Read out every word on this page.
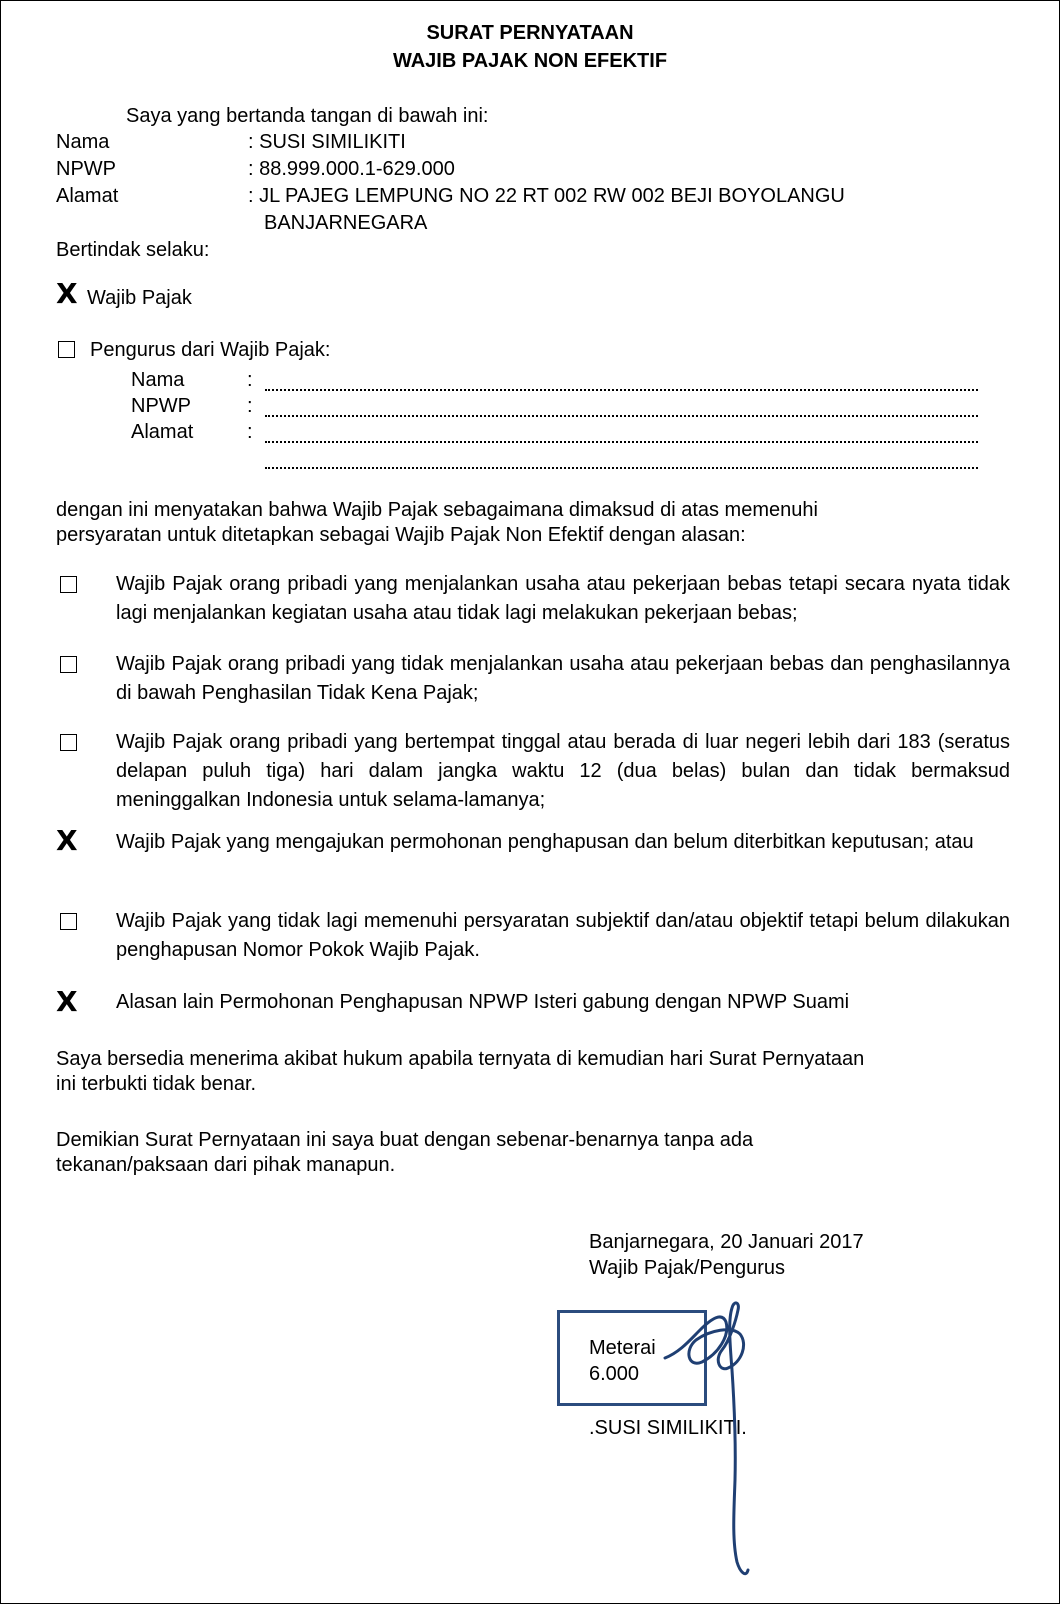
SURAT PERNYATAAN
WAJIB PAJAK NON EFEKTIF
Saya yang bertanda tangan di bawah ini:
Nama	: SUSI SIMILIKITI
NPWP	: 88.999.000.1-629.000
Alamat	: JL PAJEG LEMPUNG NO 22 RT 002 RW 002 BEJI BOYOLANGU
BANJARNEGARA
Bertindak selaku:
X Wajib Pajak
Pengurus dari Wajib Pajak:
Nama	:
NPWP	:
Alamat	:
dengan ini menyatakan bahwa Wajib Pajak sebagaimana dimaksud di atas memenuhi
persyaratan untuk ditetapkan sebagai Wajib Pajak Non Efektif dengan alasan:
Wajib Pajak orang pribadi yang menjalankan usaha atau pekerjaan bebas tetapi secara nyata tidak lagi menjalankan kegiatan usaha atau tidak lagi melakukan pekerjaan bebas;
Wajib Pajak orang pribadi yang tidak menjalankan usaha atau pekerjaan bebas dan penghasilannya di bawah Penghasilan Tidak Kena Pajak;
Wajib Pajak orang pribadi yang bertempat tinggal atau berada di luar negeri lebih dari 183 (seratus delapan puluh tiga) hari dalam jangka waktu 12 (dua belas) bulan dan tidak bermaksud meninggalkan Indonesia untuk selama-lamanya;
X Wajib Pajak yang mengajukan permohonan penghapusan dan belum diterbitkan keputusan; atau
Wajib Pajak yang tidak lagi memenuhi persyaratan subjektif dan/atau objektif tetapi belum dilakukan penghapusan Nomor Pokok Wajib Pajak.
X Alasan lain Permohonan Penghapusan NPWP Isteri gabung dengan NPWP Suami
Saya bersedia menerima akibat hukum apabila ternyata di kemudian hari Surat Pernyataan
ini terbukti tidak benar.
Demikian Surat Pernyataan ini saya buat dengan sebenar-benarnya tanpa ada
tekanan/paksaan dari pihak manapun.
Banjarnegara, 20 Januari 2017
Wajib Pajak/Pengurus
Meterai
6.000
.SUSI SIMILIKITI.
